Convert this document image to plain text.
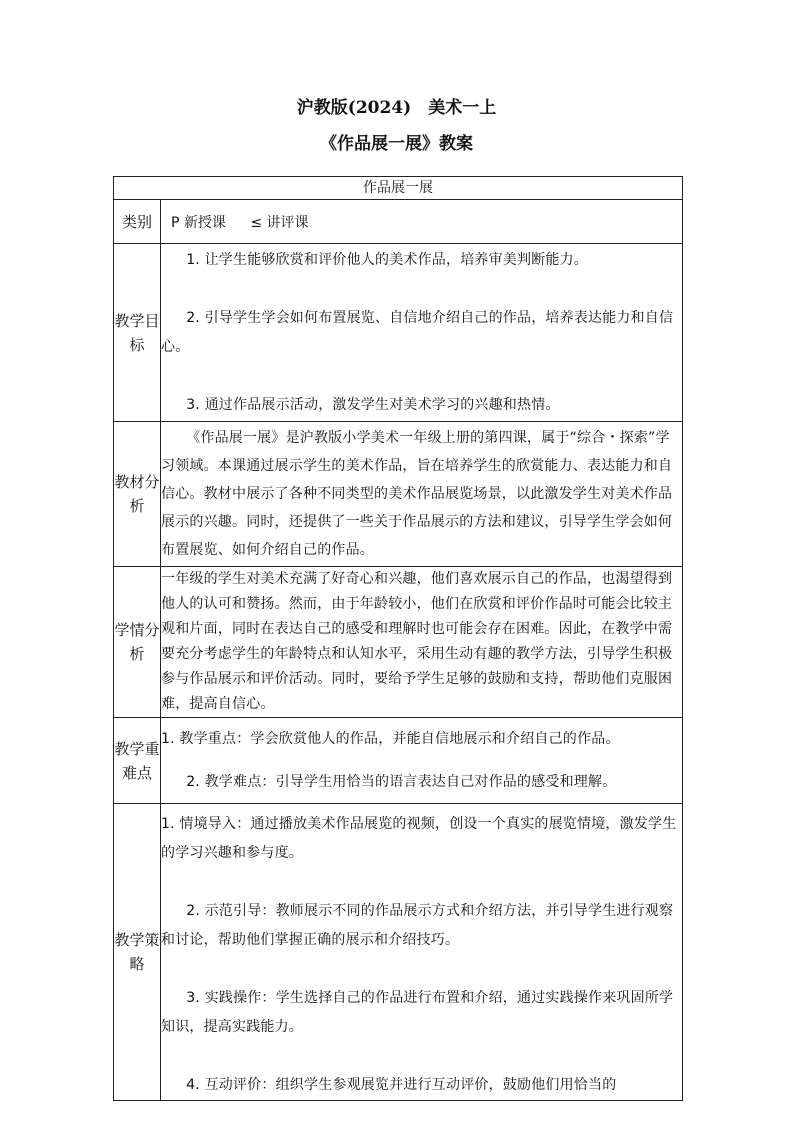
沪教版(2024)　美术一上
《作品展一展》教案
作品展一展	
类别	P 新授课 ≤ 讲评课
教学目标	1. 让学生能够欣赏和评价他人的美术作品，培养审美判断能力。
2. 引导学生学会如何布置展览、自信地介绍自己的作品，培养表达能力和自信心。
3. 通过作品展示活动，激发学生对美术学习的兴趣和热情。

教材分析	《作品展一展》是沪教版小学美术一年级上册的第四课，属于“综合・探索”学习领域。本课通过展示学生的美术作品，旨在培养学生的欣赏能力、表达能力和自信心。教材中展示了各种不同类型的美术作品展览场景，以此激发学生对美术作品展示的兴趣。同时，还提供了一些关于作品展示的方法和建议，引导学生学会如何布置展览、如何介绍自己的作品。

学情分析	一年级的学生对美术充满了好奇心和兴趣，他们喜欢展示自己的作品，也渴望得到他人的认可和赞扬。然而，由于年龄较小，他们在欣赏和评价作品时可能会比较主观和片面，同时在表达自己的感受和理解时也可能会存在困难。因此，在教学中需要充分考虑学生的年龄特点和认知水平，采用生动有趣的教学方法，引导学生积极参与作品展示和评价活动。同时，要给予学生足够的鼓励和支持，帮助他们克服困难，提高自信心。

教学重难点	1. 教学重点：学会欣赏他人的作品，并能自信地展示和介绍自己的作品。
2. 教学难点：引导学生用恰当的语言表达自己对作品的感受和理解。

教学策略	1. 情境导入：通过播放美术作品展览的视频，创设一个真实的展览情境，激发学生的学习兴趣和参与度。
2. 示范引导：教师展示不同的作品展示方式和介绍方法，并引导学生进行观察和讨论，帮助他们掌握正确的展示和介绍技巧。
3. 实践操作：学生选择自己的作品进行布置和介绍，通过实践操作来巩固所学知识，提高实践能力。
4. 互动评价：组织学生参观展览并进行互动评价，鼓励他们用恰当的
